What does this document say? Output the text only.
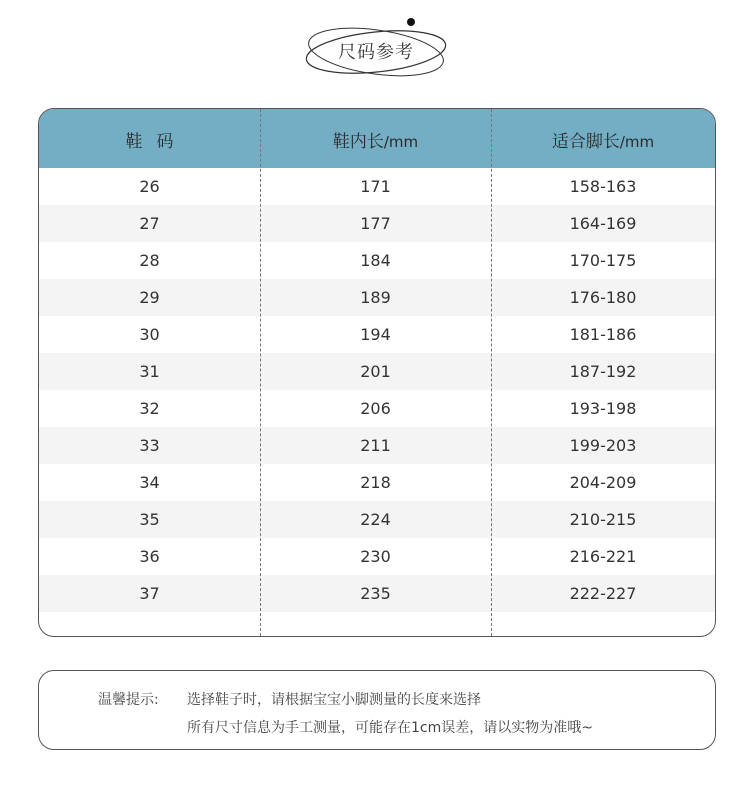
尺码参考
鞋码	鞋内长/mm	适合脚长/mm
26	171	158-163
27	177	164-169
28	184	170-175
29	189	176-180
30	194	181-186
31	201	187-192
32	206	193-198
33	211	199-203
34	218	204-209
35	224	210-215
36	230	216-221
37	235	222-227
温馨提示: 选择鞋子时，请根据宝宝小脚测量的长度来选择
所有尺寸信息为手工测量，可能存在1cm误差，请以实物为准哦~
